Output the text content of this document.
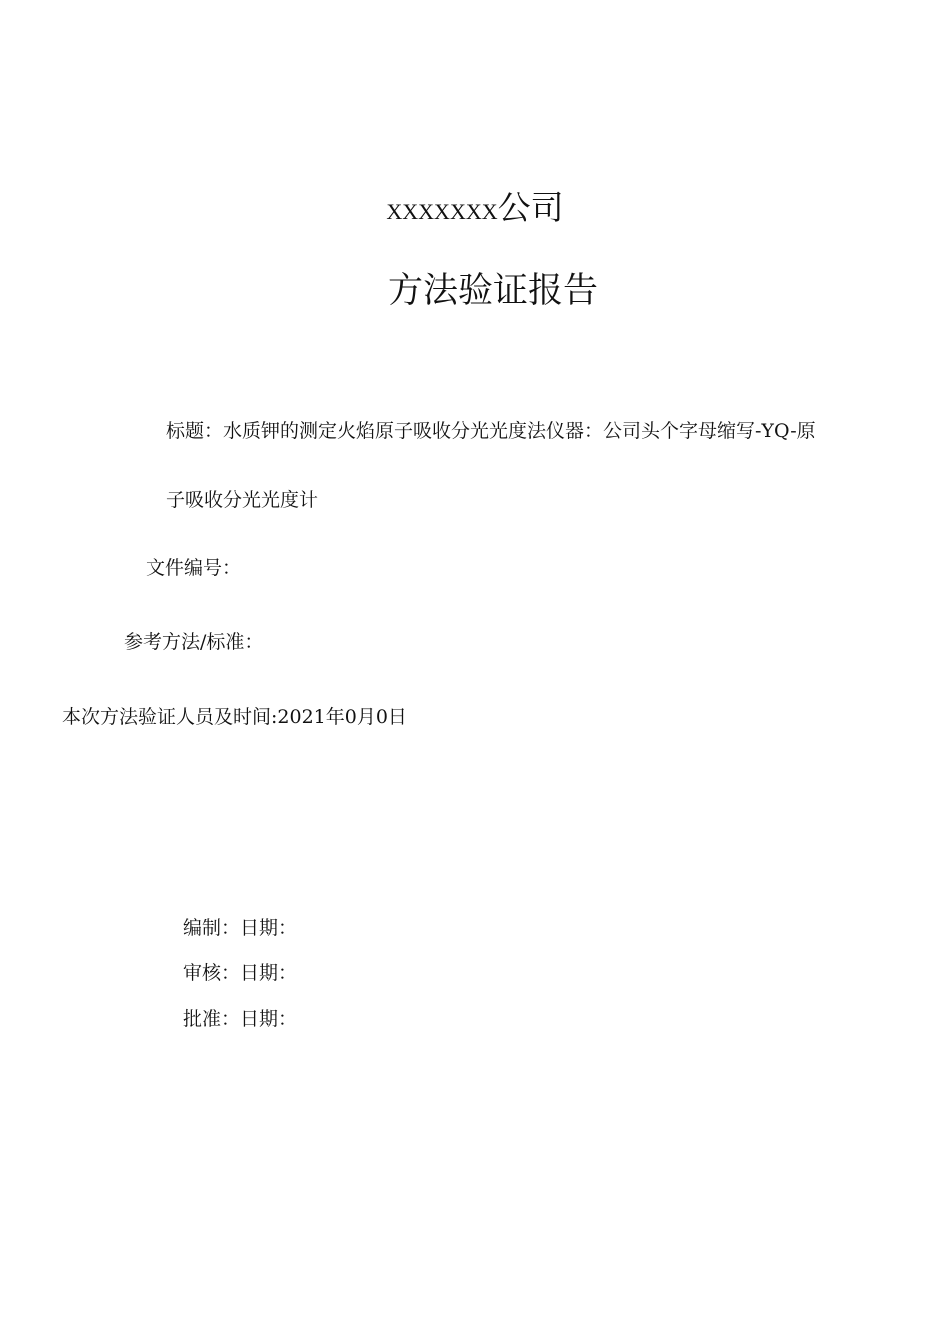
XXXXXXX公司
方法验证报告
标题：水质钾的测定火焰原子吸收分光光度法仪器：公司头个字母缩写-YQ-原
子吸收分光光度计
文件编号：
参考方法/标准：
本次方法验证人员及时间:2021年0月0日
编制：日期：
审核：日期：
批准：日期：
